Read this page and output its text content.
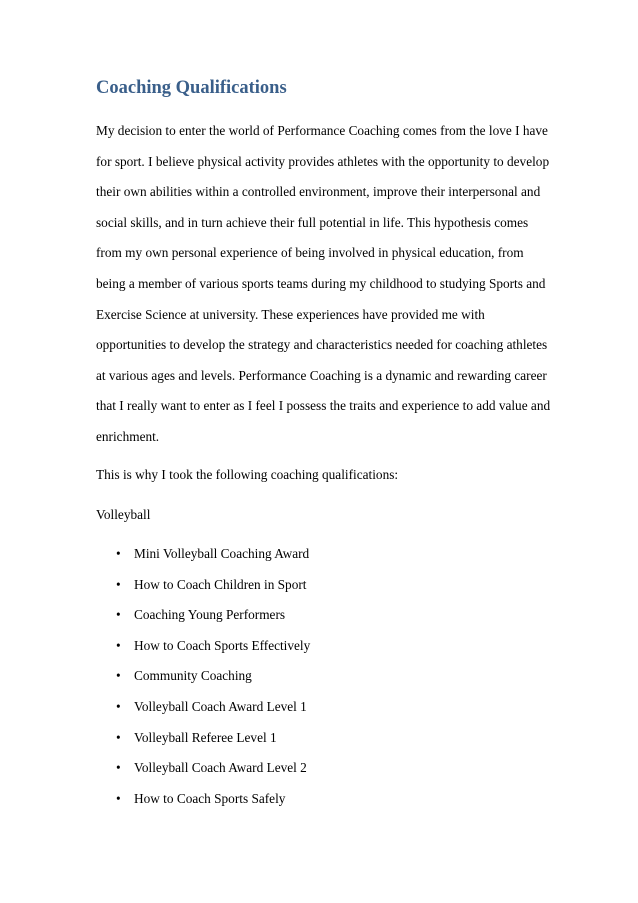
Coaching Qualifications
My decision to enter the world of Performance Coaching comes from the love I have
for sport. I believe physical activity provides athletes with the opportunity to develop
their own abilities within a controlled environment, improve their interpersonal and
social skills, and in turn achieve their full potential in life. This hypothesis comes
from my own personal experience of being involved in physical education, from
being a member of various sports teams during my childhood to studying Sports and
Exercise Science at university. These experiences have provided me with
opportunities to develop the strategy and characteristics needed for coaching athletes
at various ages and levels. Performance Coaching is a dynamic and rewarding career
that I really want to enter as I feel I possess the traits and experience to add value and
enrichment.

This is why I took the following coaching qualifications:

Volleyball

• Mini Volleyball Coaching Award
• How to Coach Children in Sport
• Coaching Young Performers
• How to Coach Sports Effectively
• Community Coaching
• Volleyball Coach Award Level 1
• Volleyball Referee Level 1
• Volleyball Coach Award Level 2
• How to Coach Sports Safely
